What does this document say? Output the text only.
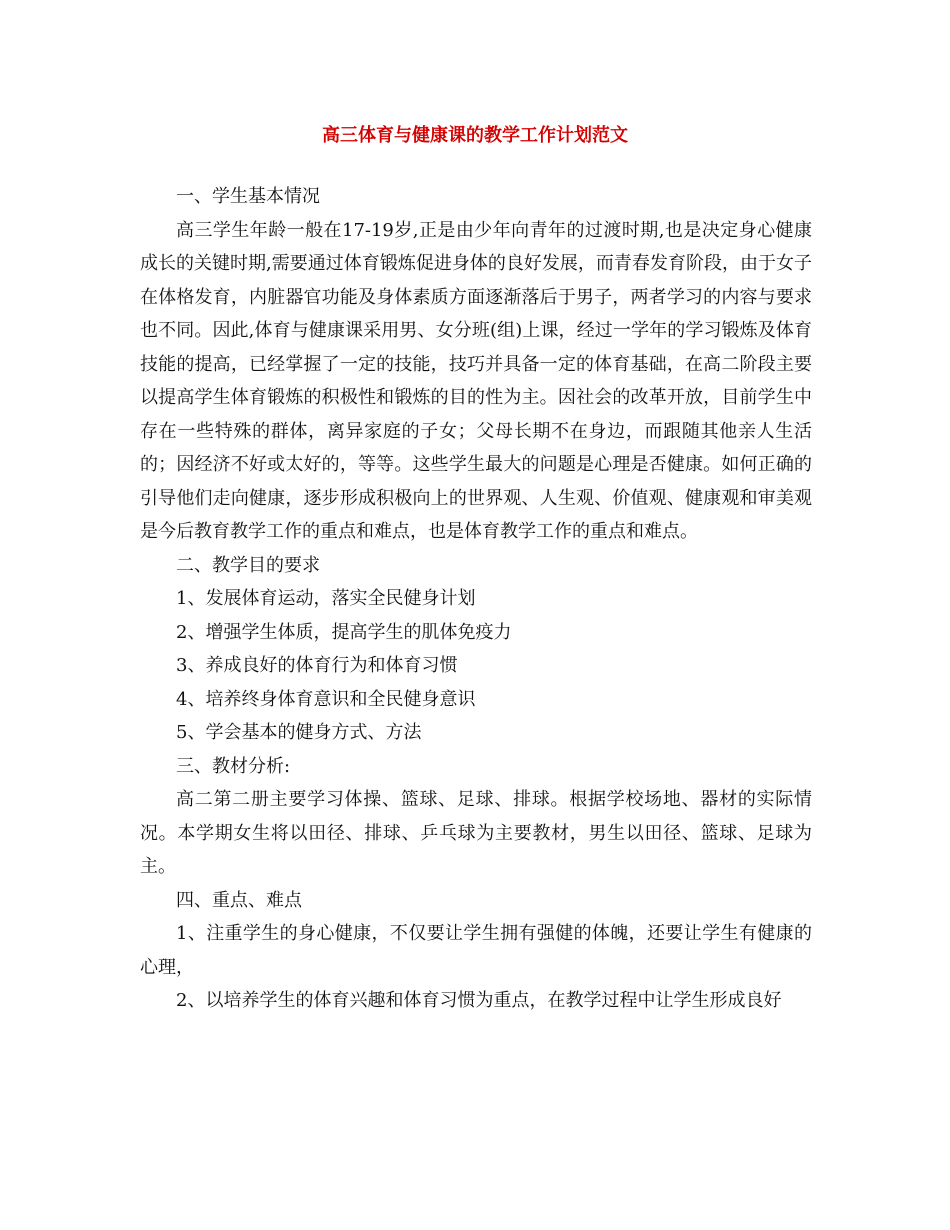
高三体育与健康课的教学工作计划范文

一、学生基本情况

高三学生年龄一般在17-19岁,正是由少年向青年的过渡时期,也是决定身心健康成长的关键时期,需要通过体育锻炼促进身体的良好发展，而青春发育阶段，由于女子在体格发育，内脏器官功能及身体素质方面逐渐落后于男子，两者学习的内容与要求也不同。因此,体育与健康课采用男、女分班(组)上课，经过一学年的学习锻炼及体育技能的提高，已经掌握了一定的技能，技巧并具备一定的体育基础，在高二阶段主要以提高学生体育锻炼的积极性和锻炼的目的性为主。因社会的改革开放，目前学生中存在一些特殊的群体，离异家庭的子女；父母长期不在身边，而跟随其他亲人生活的；因经济不好或太好的，等等。这些学生最大的问题是心理是否健康。如何正确的引导他们走向健康，逐步形成积极向上的世界观、人生观、价值观、健康观和审美观是今后教育教学工作的重点和难点，也是体育教学工作的重点和难点。

二、教学目的要求

1、发展体育运动，落实全民健身计划

2、增强学生体质，提高学生的肌体免疫力

3、养成良好的体育行为和体育习惯

4、培养终身体育意识和全民健身意识

5、学会基本的健身方式、方法

三、教材分析:

高二第二册主要学习体操、篮球、足球、排球。根据学校场地、器材的实际情况。本学期女生将以田径、排球、乒乓球为主要教材，男生以田径、篮球、足球为主。

四、重点、难点

1、注重学生的身心健康，不仅要让学生拥有强健的体魄，还要让学生有健康的心理，

2、以培养学生的体育兴趣和体育习惯为重点，在教学过程中让学生形成良好
